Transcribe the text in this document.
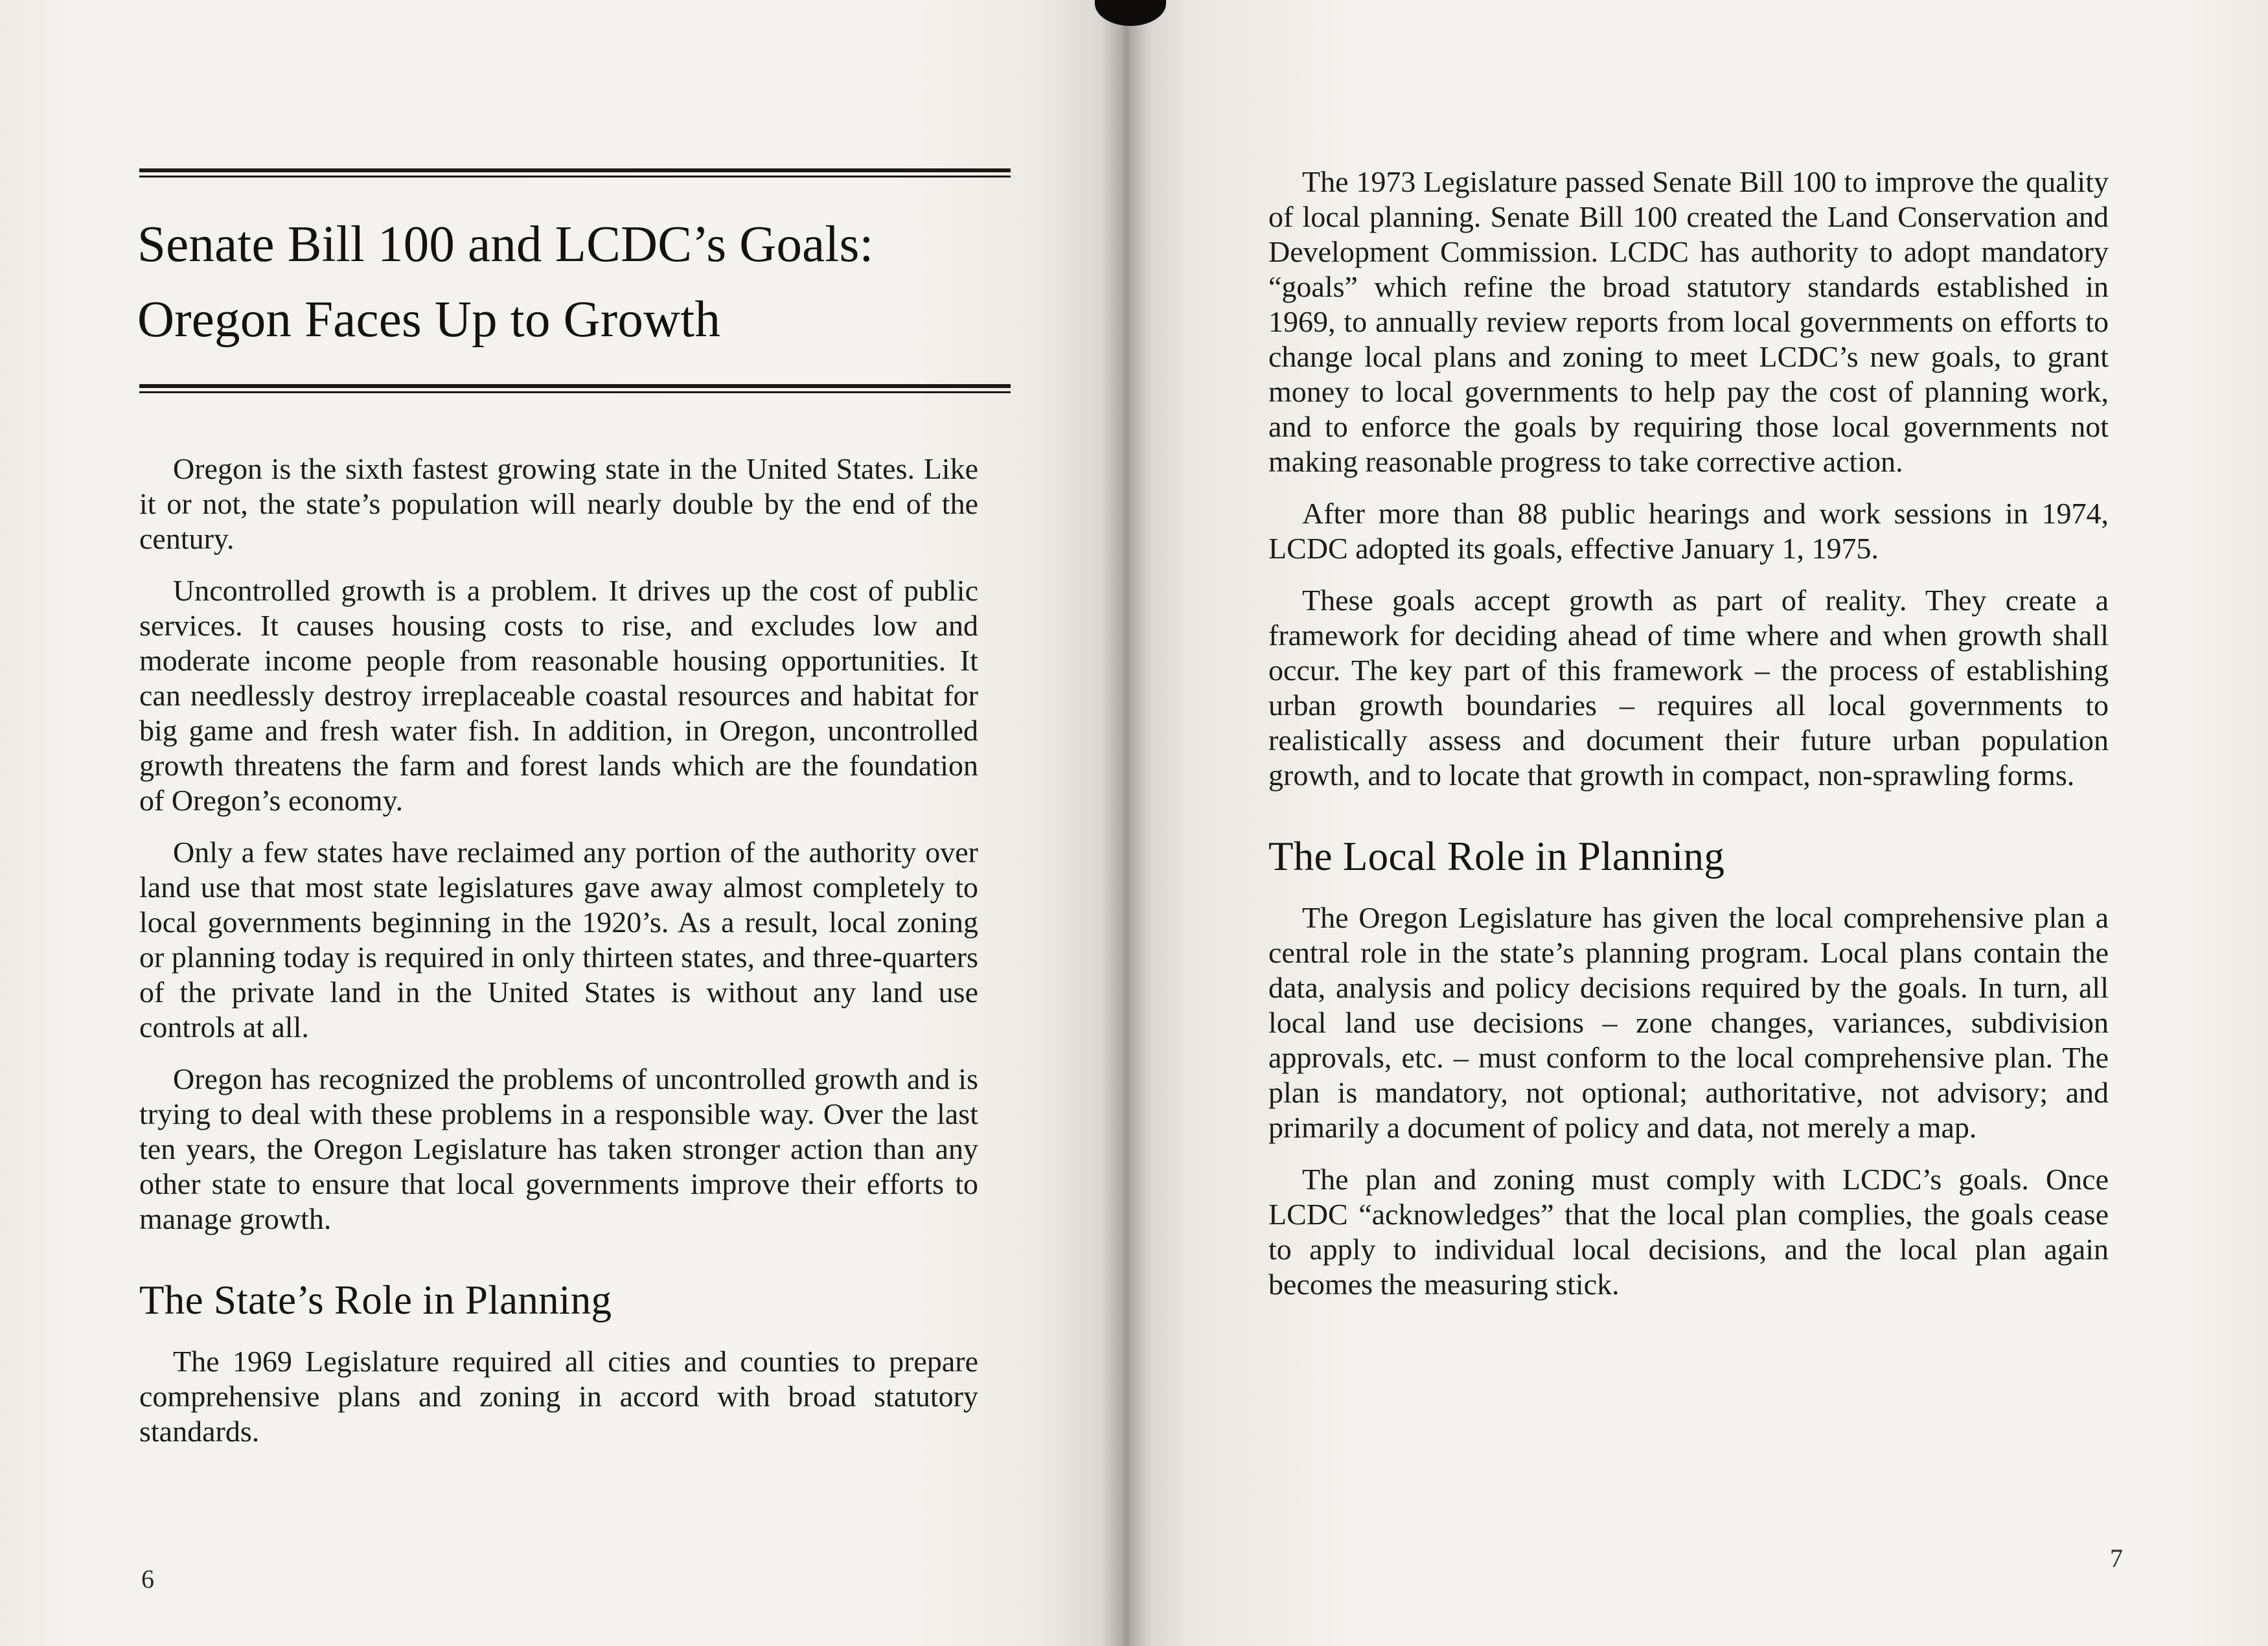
Senate Bill 100 and LCDC’s Goals:
Oregon Faces Up to Growth

Oregon is the sixth fastest growing state in the United States. Like it or not, the state’s population will nearly double by the end of the century.

Uncontrolled growth is a problem. It drives up the cost of public services. It causes housing costs to rise, and excludes low and moderate income people from reasonable housing opportunities. It can needlessly destroy irreplaceable coastal resources and habitat for big game and fresh water fish. In addition, in Oregon, uncontrolled growth threatens the farm and forest lands which are the foundation of Oregon’s economy.

Only a few states have reclaimed any portion of the authority over land use that most state legislatures gave away almost completely to local governments beginning in the 1920’s. As a result, local zoning or planning today is required in only thirteen states, and three-quarters of the private land in the United States is without any land use controls at all.

Oregon has recognized the problems of uncontrolled growth and is trying to deal with these problems in a responsible way. Over the last ten years, the Oregon Legislature has taken stronger action than any other state to ensure that local governments improve their efforts to manage growth.

The State’s Role in Planning

The 1969 Legislature required all cities and counties to prepare comprehensive plans and zoning in accord with broad statutory standards.

6

The 1973 Legislature passed Senate Bill 100 to improve the quality of local planning. Senate Bill 100 created the Land Conservation and Development Commission. LCDC has authority to adopt mandatory “goals” which refine the broad statutory standards established in 1969, to annually review reports from local governments on efforts to change local plans and zoning to meet LCDC’s new goals, to grant money to local governments to help pay the cost of planning work, and to enforce the goals by requiring those local governments not making reasonable progress to take corrective action.

After more than 88 public hearings and work sessions in 1974, LCDC adopted its goals, effective January 1, 1975.

These goals accept growth as part of reality. They create a framework for deciding ahead of time where and when growth shall occur. The key part of this framework – the process of establishing urban growth boundaries – requires all local governments to realistically assess and document their future urban population growth, and to locate that growth in compact, non-sprawling forms.

The Local Role in Planning

The Oregon Legislature has given the local comprehensive plan a central role in the state’s planning program. Local plans contain the data, analysis and policy decisions required by the goals. In turn, all local land use decisions – zone changes, variances, subdivision approvals, etc. – must conform to the local comprehensive plan. The plan is mandatory, not optional; authoritative, not advisory; and primarily a document of policy and data, not merely a map.

The plan and zoning must comply with LCDC’s goals. Once LCDC “acknowledges” that the local plan complies, the goals cease to apply to individual local decisions, and the local plan again becomes the measuring stick.

7
